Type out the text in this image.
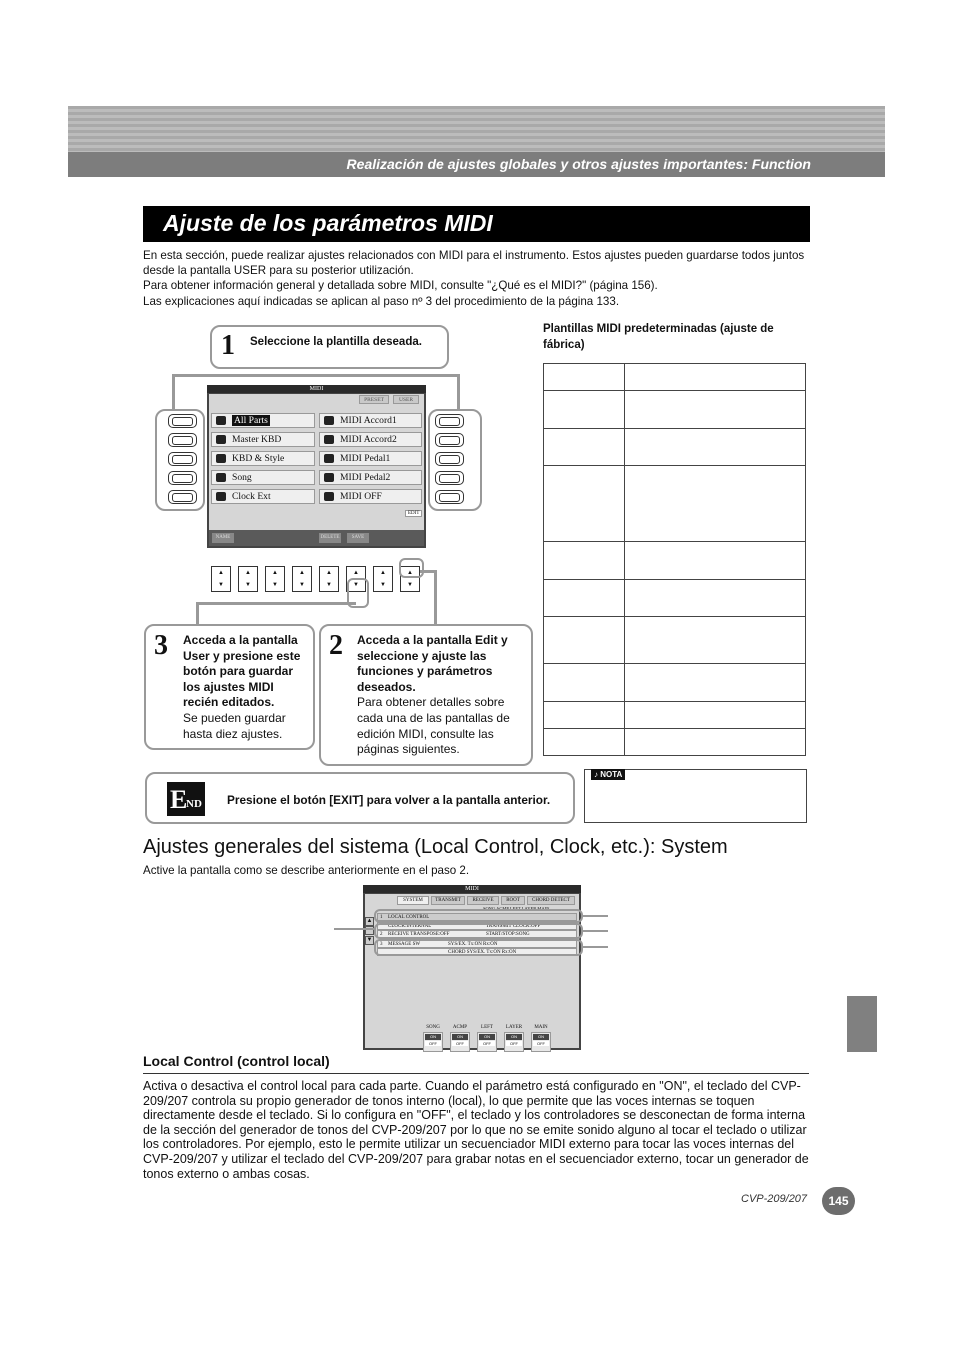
Realización de ajustes globales y otros ajustes importantes: Function
Ajuste de los parámetros MIDI

En esta sección, puede realizar ajustes relacionados con MIDI para el instrumento. Estos ajustes pueden guardarse todos juntos desde la pantalla USER para su posterior utilización.

Para obtener información general y detallada sobre MIDI, consulte "¿Qué es el MIDI?" (página 156).

Las explicaciones aquí indicadas se aplican al paso nº 3 del procedimiento de la página 133.

1 Seleccione la plantilla deseada.
MIDI
PRESET	USER
All Parts
Master KBD
KBD & Style
Song
Clock Ext
MIDI Accord1
MIDI Accord2
MIDI Pedal1
MIDI Pedal2
MIDI OFF
EDIT
NAME	DELETE	SAVE
▲
▼
▲
▼
▲
▼
▲
▼
▲
▼
▲
▼
▲
▼
▲
▼
3 Acceda a la pantalla User y presione este botón para guardar los ajustes MIDI recién editados.
Se pueden guardar hasta diez ajustes.
2 Acceda a la pantalla Edit y seleccione y ajuste las funciones y parámetros deseados.
Para obtener detalles sobre cada una de las pantallas de edición MIDI, consulte las páginas siguientes.
Plantillas MIDI predeterminadas (ajuste de fábrica)

E
ND Presione el botón [EXIT] para volver a la pantalla anterior.
♪ NOTA
Ajustes generales del sistema (Local Control, Clock, etc.): System
Active la pantalla como se describe anteriormente en el paso 2.
MIDI
SYSTEM	TRANSMIT	RECEIVE	ROOT	CHORD DETECT
SONG ACMP LEFT LAYER MAIN
1 LOCAL CONTROL
CLOCK:INTERNAL	TRANSMIT CLOCK:OFF
2 RECEIVE TRANSPOSE:OFF	START/STOP:SONG
3 MESSAGE SW	SYS/EX. Tx:ON Rx:ON
CHORD SYS/EX. Tx:ON Rx:ON
SONG	ACMP	LEFT	LAYER	MAIN
ON
OFF
ON
OFF
ON
OFF
ON
OFF
ON
OFF
▲
▼
Local Control (control local)
Activa o desactiva el control local para cada parte. Cuando el parámetro está configurado en "ON", el teclado del CVP-209/207 controla su propio generador de tonos interno (local), lo que permite que las voces internas se toquen directamente desde el teclado. Si lo configura en "OFF", el teclado y los controladores se desconectan de forma interna de la sección del generador de tonos del CVP-209/207 por lo que no se emite sonido alguno al tocar el teclado o utilizar los controladores. Por ejemplo, esto le permite utilizar un secuenciador MIDI externo para tocar las voces internas del CVP-209/207 y utilizar el teclado del CVP-209/207 para grabar notas en el secuenciador externo, tocar un generador de tonos externo o ambas cosas.
CVP-209/207	145
